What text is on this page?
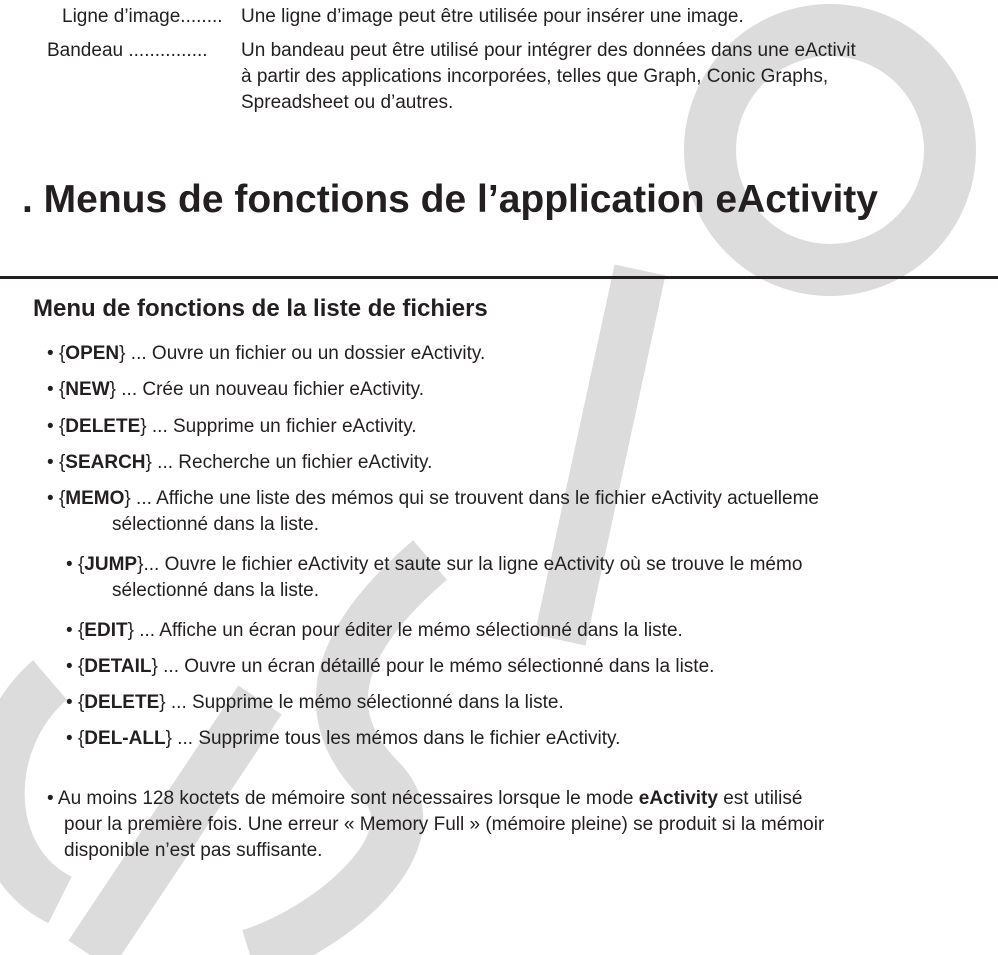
Ligne d’image........ Une ligne d’image peut être utilisée pour insérer une image.
Bandeau ............... Un bandeau peut être utilisé pour intégrer des données dans une eActivit
à partir des applications incorporées, telles que Graph, Conic Graphs,
Spreadsheet ou d’autres.
. Menus de fonctions de l’application eActivity
Menu de fonctions de la liste de fichiers
• {OPEN} ... Ouvre un fichier ou un dossier eActivity.
• {NEW} ... Crée un nouveau fichier eActivity.
• {DELETE} ... Supprime un fichier eActivity.
• {SEARCH} ... Recherche un fichier eActivity.
• {MEMO} ... Affiche une liste des mémos qui se trouvent dans le fichier eActivity actuelleme
sélectionné dans la liste.
• {JUMP}... Ouvre le fichier eActivity et saute sur la ligne eActivity où se trouve le mémo
sélectionné dans la liste.
• {EDIT} ... Affiche un écran pour éditer le mémo sélectionné dans la liste.
• {DETAIL} ... Ouvre un écran détaillé pour le mémo sélectionné dans la liste.
• {DELETE} ... Supprime le mémo sélectionné dans la liste.
• {DEL-ALL} ... Supprime tous les mémos dans le fichier eActivity.
• Au moins 128 koctets de mémoire sont nécessaires lorsque le mode eActivity est utilisé
pour la première fois. Une erreur « Memory Full » (mémoire pleine) se produit si la mémoir
disponible n’est pas suffisante.
